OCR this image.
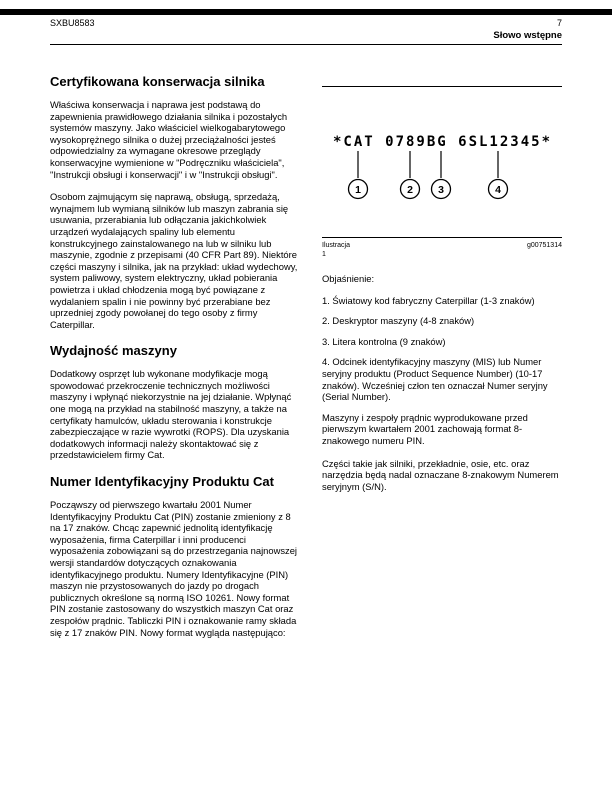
SXBU8583	7
Słowo wstępne
Certyfikowana konserwacja silnika

Właściwa konserwacja i naprawa jest podstawą do zapewnienia prawidłowego działania silnika i pozostałych systemów maszyny. Jako właściciel wielkogabarytowego wysokoprężnego silnika o dużej przeciążalności jesteś odpowiedzialny za wymagane okresowe przeglądy konserwacyjne wymienione w "Podręczniku właściciela", "Instrukcji obsługi i konserwacji" i w "Instrukcji obsługi".

Osobom zajmującym się naprawą, obsługą, sprzedażą, wynajmem lub wymianą silników lub maszyn zabrania się usuwania, przerabiania lub odłączania jakichkolwiek urządzeń wydalających spaliny lub elementu konstrukcyjnego zainstalowanego na lub w silniku lub maszynie, zgodnie z przepisami (40 CFR Part 89). Niektóre części maszyny i silnika, jak na przykład: układ wydechowy, system paliwowy, system elektryczny, układ pobierania powietrza i układ chłodzenia mogą być powiązane z wydalaniem spalin i nie powinny być przerabiane bez uprzedniej zgody powołanej do tego osoby z firmy Caterpillar.

Wydajność maszyny

Dodatkowy osprzęt lub wykonane modyfikacje mogą spowodować przekroczenie technicznych możliwości maszyny i wpłynąć niekorzystnie na jej działanie. Wpłynąć one mogą na przykład na stabilność maszyny, a także na certyfikaty hamulców, układu sterowania i konstrukcje zabezpieczające w razie wywrotki (ROPS). Dla uzyskania dodatkowych informacji należy skontaktować się z przedstawicielem firmy Cat.

Numer Identyfikacyjny Produktu Cat

Począwszy od pierwszego kwartału 2001 Numer Identyfikacyjny Produktu Cat (PIN) zostanie zmieniony z 8 na 17 znaków. Chcąc zapewnić jednolitą identyfikację wyposażenia, firma Caterpillar i inni producenci wyposażenia zobowiązani są do przestrzegania najnowszej wersji standardów dotyczących oznakowania identyfikacyjnego produktu. Numery Identyfikacyjne (PIN) maszyn nie przystosowanych do jazdy po drogach publicznych określone są normą ISO 10261. Nowy format PIN zostanie zastosowany do wszystkich maszyn Cat oraz zespołów prądnic. Tabliczki PIN i oznakowanie ramy składa się z 17 znaków PIN. Nowy format wygląda następująco:

*CAT 0789BG 6SL12345*
1	2 3	4
Ilustracja	g00751314
1
Objaśnienie:

1. Światowy kod fabryczny Caterpillar (1-3 znaków)

2. Deskryptor maszyny (4-8 znaków)

3. Litera kontrolna (9 znaków)

4. Odcinek identyfikacyjny maszyny (MIS) lub Numer seryjny produktu (Product Sequence Number) (10-17 znaków). Wcześniej człon ten oznaczał Numer seryjny (Serial Number).

Maszyny i zespoły prądnic wyprodukowane przed pierwszym kwartałem 2001 zachowają format 8-znakowego numeru PIN.

Części takie jak silniki, przekładnie, osie, etc. oraz narzędzia będą nadal oznaczane 8-znakowym Numerem seryjnym (S/N).
